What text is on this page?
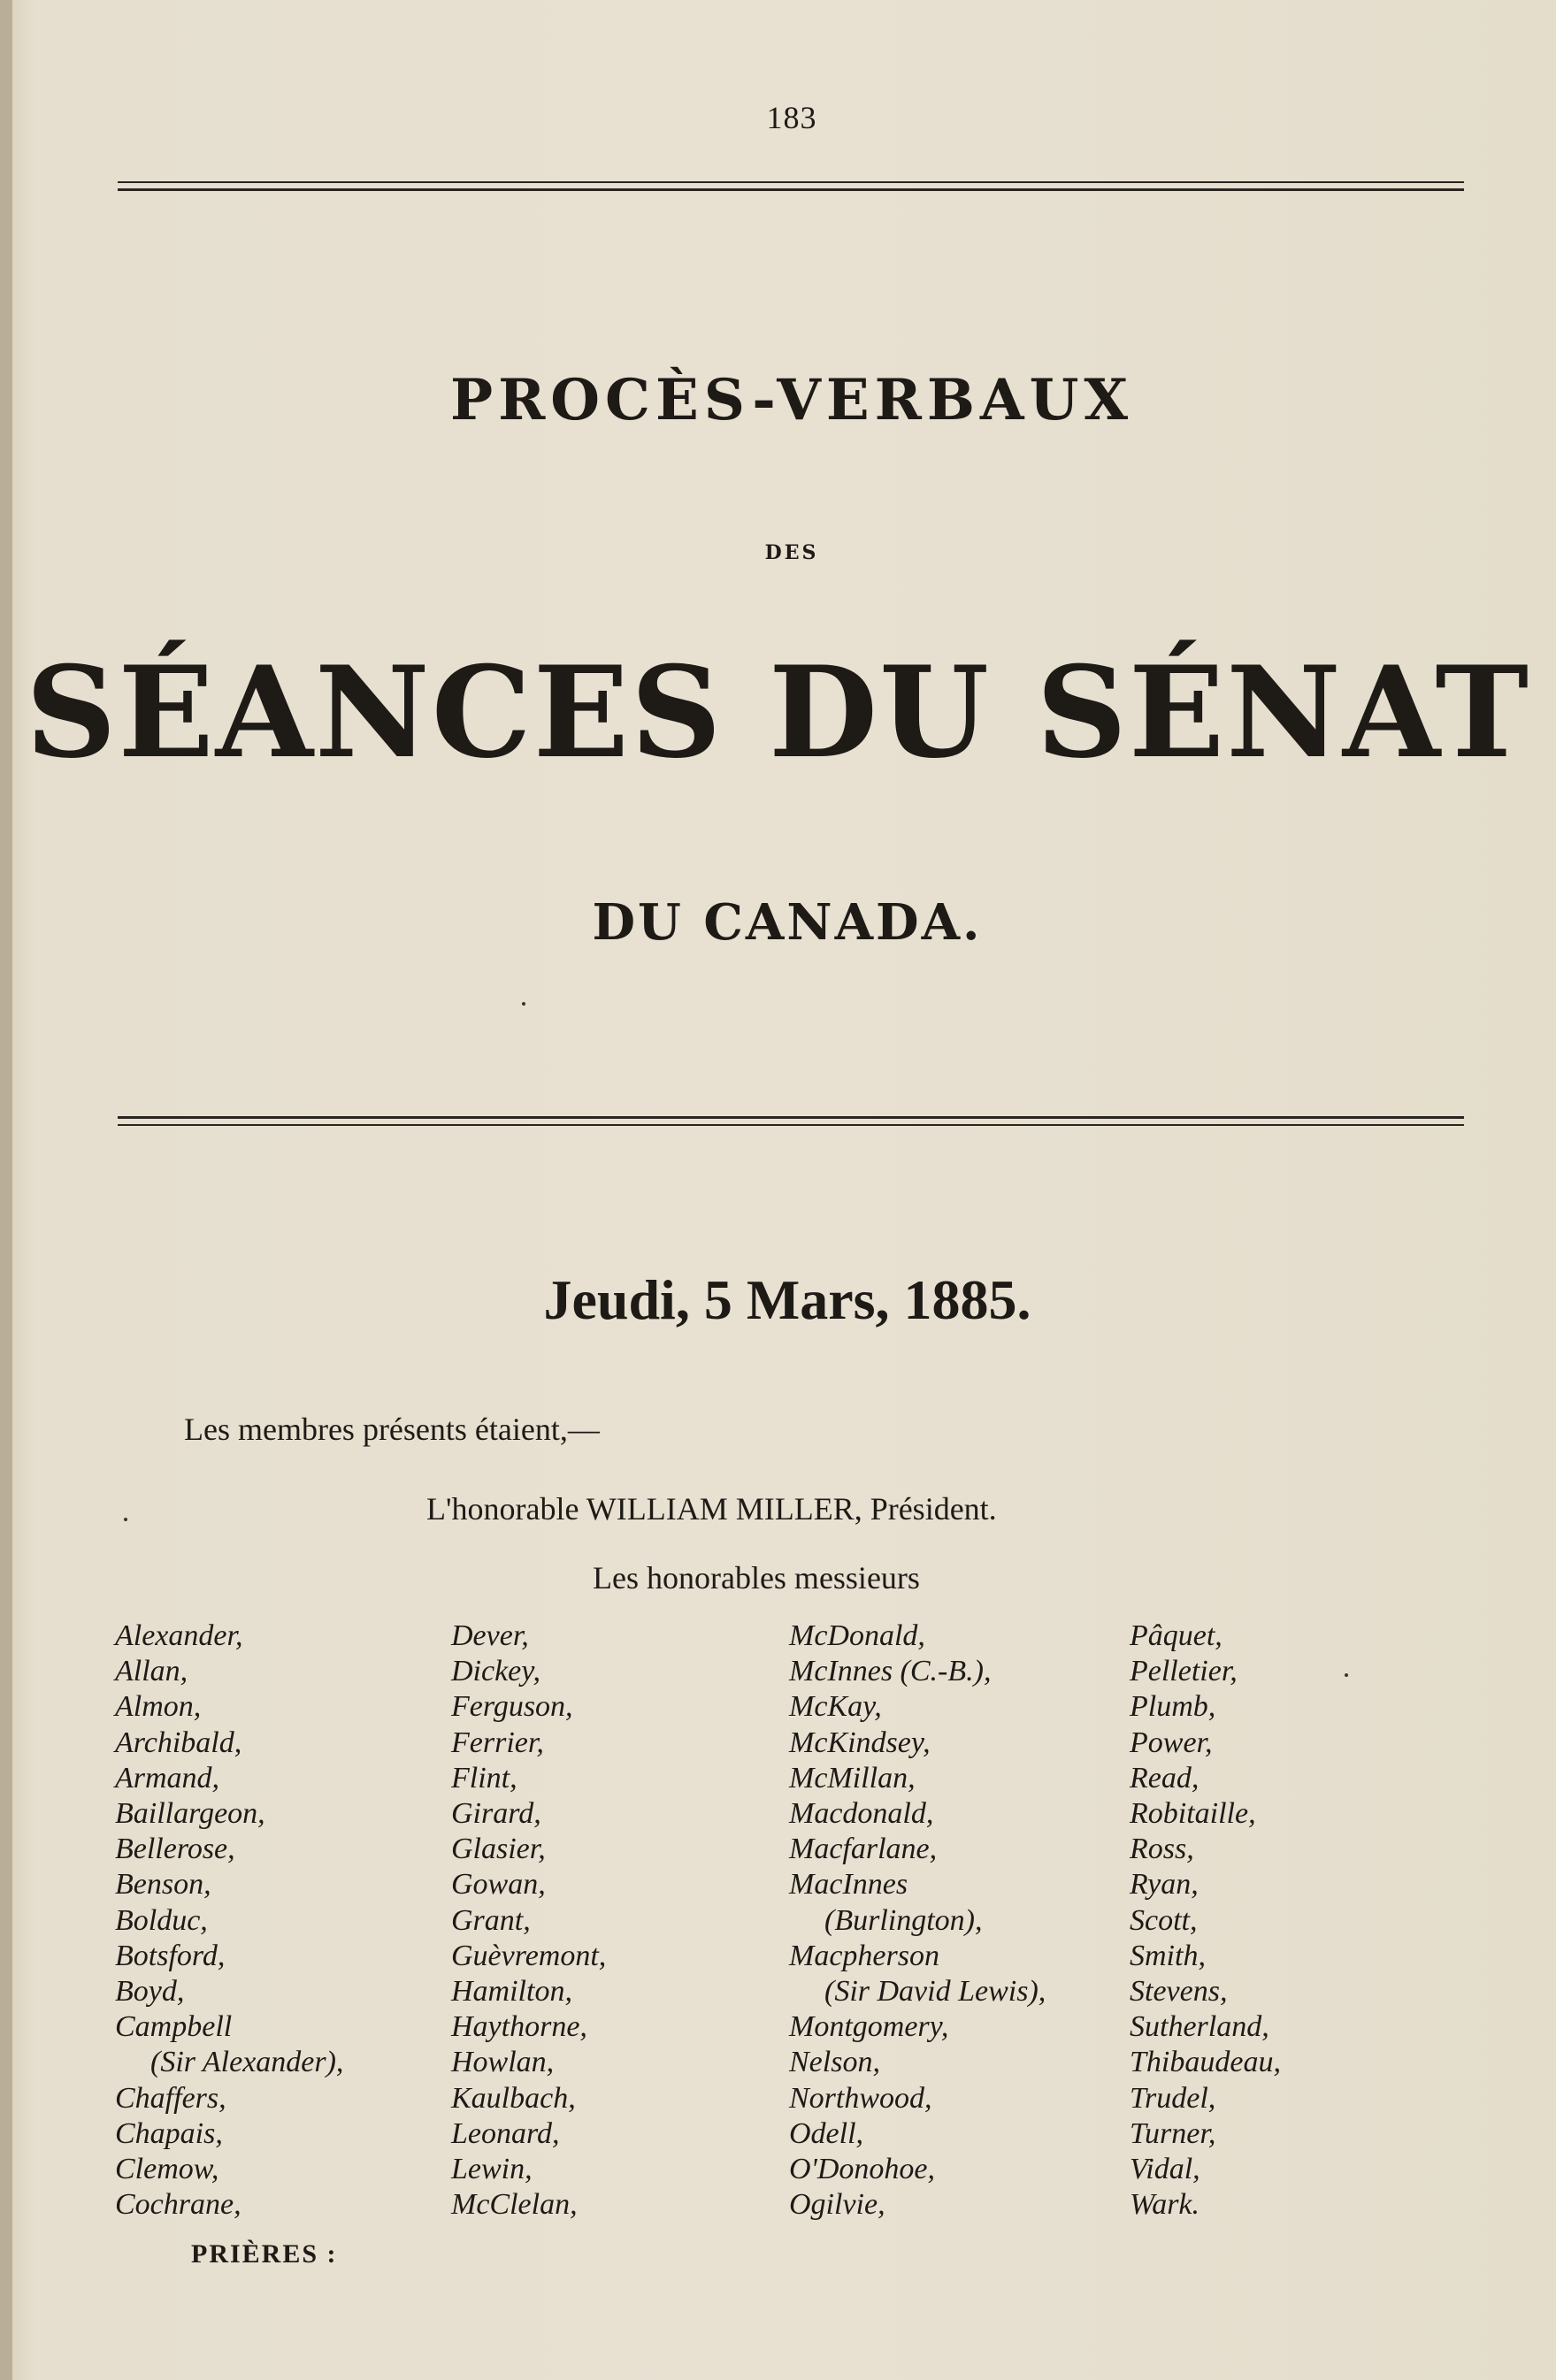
183
PROCÈS-VERBAUX
DES
SÉANCES DU SÉNAT
DU CANADA.
Jeudi, 5 Mars, 1885.
Les membres présents étaient,—
L'honorable WILLIAM MILLER, Président.
Les honorables messieurs
Alexander,
Allan,
Almon,
Archibald,
Armand,
Baillargeon,
Bellerose,
Benson,
Bolduc,
Botsford,
Boyd,
Campbell
(Sir Alexander),
Chaffers,
Chapais,
Clemow,
Cochrane,
Dever,
Dickey,
Ferguson,
Ferrier,
Flint,
Girard,
Glasier,
Gowan,
Grant,
Guèvremont,
Hamilton,
Haythorne,
Howlan,
Kaulbach,
Leonard,
Lewin,
McClelan,
McDonald,
McInnes (C.-B.),
McKay,
McKindsey,
McMillan,
Macdonald,
Macfarlane,
MacInnes
(Burlington),
Macpherson
(Sir David Lewis),
Montgomery,
Nelson,
Northwood,
Odell,
O'Donohoe,
Ogilvie,
Pâquet,
Pelletier,
Plumb,
Power,
Read,
Robitaille,
Ross,
Ryan,
Scott,
Smith,
Stevens,
Sutherland,
Thibaudeau,
Trudel,
Turner,
Vidal,
Wark.
PRIÈRES :
